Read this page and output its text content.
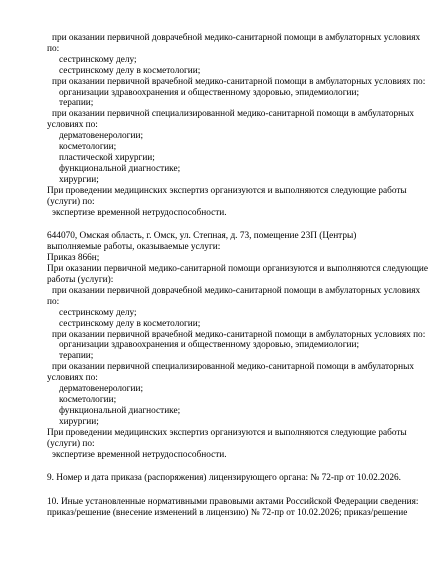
при оказании первичной доврачебной медико-санитарной помощи в амбулаторных условиях
по:
сестринскому делу;
сестринскому делу в косметологии;
при оказании первичной врачебной медико-санитарной помощи в амбулаторных условиях по:
организации здравоохранения и общественному здоровью, эпидемиологии;
терапии;
при оказании первичной специализированной медико-санитарной помощи в амбулаторных
условиях по:
дерматовенерологии;
косметологии;
пластической хирургии;
функциональной диагностике;
хирургии;
При проведении медицинских экспертиз организуются и выполняются следующие работы
(услуги) по:
экспертизе временной нетрудоспособности.
644070, Омская область, г. Омск, ул. Степная, д. 73, помещение 23П (Центры)
выполняемые работы, оказываемые услуги:
Приказ 866н;
При оказании первичной медико-санитарной помощи организуются и выполняются следующие
работы (услуги):
при оказании первичной доврачебной медико-санитарной помощи в амбулаторных условиях
по:
сестринскому делу;
сестринскому делу в косметологии;
при оказании первичной врачебной медико-санитарной помощи в амбулаторных условиях по:
организации здравоохранения и общественному здоровью, эпидемиологии;
терапии;
при оказании первичной специализированной медико-санитарной помощи в амбулаторных
условиях по:
дерматовенерологии;
косметологии;
функциональной диагностике;
хирургии;
При проведении медицинских экспертиз организуются и выполняются следующие работы
(услуги) по:
экспертизе временной нетрудоспособности.
9. Номер и дата приказа (распоряжения) лицензирующего органа: № 72-пр от 10.02.2026.
10. Иные установленные нормативными правовыми актами Российской Федерации сведения:
приказ/решение (внесение изменений в лицензию) № 72-пр от 10.02.2026; приказ/решение
